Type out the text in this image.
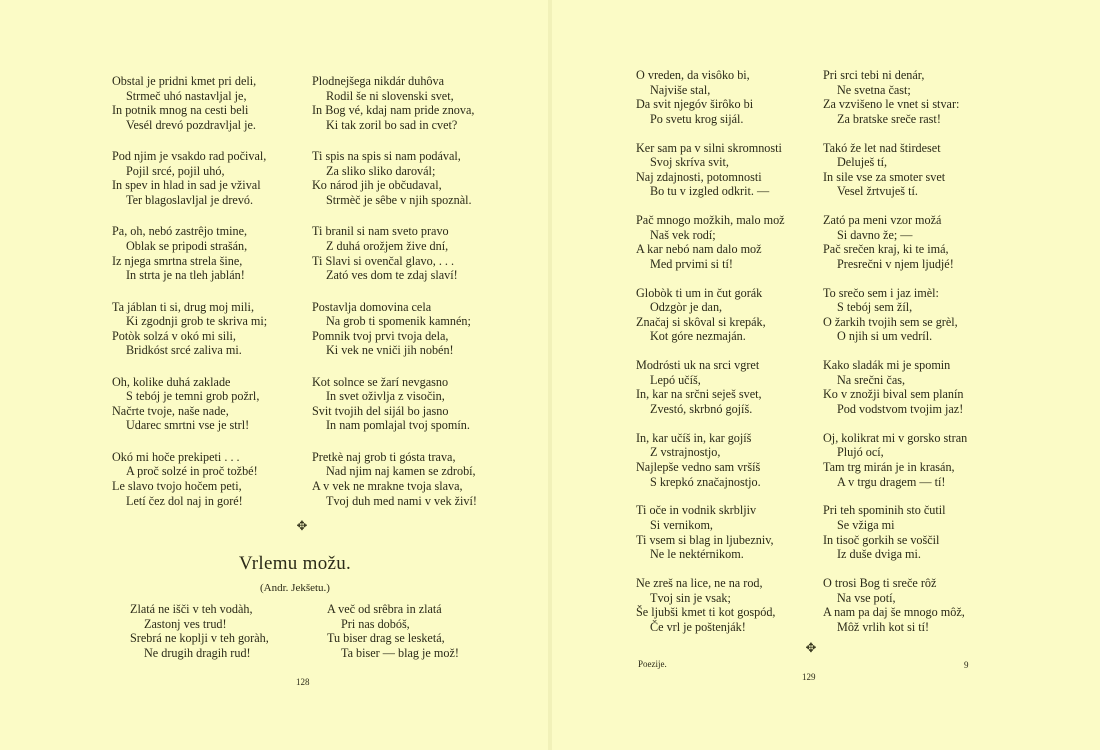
Obstal je pridni kmet pri deli,
Strmeč uhó nastavljal je,
In potnik mnog na cesti beli
Vesél drevó pozdravljal je.
Pod njim je vsakdo rad počival,
Pojil srcé, pojil uhó,
In spev in hlad in sad je vžival
Ter blagoslavljal je drevó.
Pa, oh, nebó zastrêjo tmine,
Oblak se pripodi strašán,
Iz njega smrtna strela šine,
In strta je na tleh jablán!
Ta jáblan ti si, drug moj mili,
Ki zgodnji grob te skriva mi;
Potòk solzá v okó mi sili,
Bridkóst srcé zaliva mi.
Oh, kolike duhá zaklade
S tebój je temni grob požrl,
Načrte tvoje, naše nade,
Udarec smrtni vse je strl!
Okó mi hoče prekipeti . . .
A proč solzé in proč tožbé!
Le slavo tvojo hočem peti,
Letí čez dol naj in goré!
Plodnejšega nikdár duhôva
Rodil še ni slovenski svet,
In Bog vé, kdaj nam pride znova,
Ki tak zoril bo sad in cvet?
Ti spis na spis si nam podával,
Za sliko sliko darovál;
Ko národ jih je občudaval,
Strmèč je sêbe v njih spoznàl.
Ti branil si nam sveto pravo
Z duhá orožjem žive dní,
Ti Slavi si ovenčal glavo, . . .
Zató ves dom te zdaj slaví!
Postavlja domovina cela
Na grob ti spomenik kamnén;
Pomnik tvoj prvi tvoja dela,
Ki vek ne vniči jih nobén!
Kot solnce se žarí nevgasno
In svet oživlja z visočin,
Svit tvojih del sijál bo jasno
In nam pomlajal tvoj spomín.
Pretkè naj grob ti gósta trava,
Nad njim naj kamen se zdrobí,
A v vek ne mrakne tvoja slava,
Tvoj duh med nami v vek živí!
✥
Vrlemu možu.
(Andr. Jekšetu.)
Zlatá ne išči v teh vodàh,
Zastonj ves trud!
Srebrá ne koplji v teh goràh,
Ne drugih dragih rud!
A več od srêbra in zlatá
Pri nas dobóš,
Tu biser drag se lesketá,
Ta biser — blag je mož!
128
O vreden, da visôko bi,
Najviše stal,
Da svit njegóv širôko bi
Po svetu krog sijál.
Ker sam pa v silni skromnosti
Svoj skríva svit,
Naj zdajnosti, potomnosti
Bo tu v izgled odkrit. —
Pač mnogo možkih, malo mož
Naš vek rodí;
A kar nebó nam dalo mož
Med prvimi si tí!
Globòk ti um in čut gorák
Odzgòr je dan,
Značaj si skôval si krepák,
Kot góre nezmaján.
Modrósti uk na srci vgret
Lepó učíš,
In, kar na srčni seješ svet,
Zvestó, skrbnó gojíš.
In, kar učíš in, kar gojíš
Z vstrajnostjo,
Najlepše vedno sam vršíš
S krepkó značajnostjo.
Ti oče in vodnik skrbljiv
Si vernikom,
Ti vsem si blag in ljubezniv,
Ne le nektérnikom.
Ne zreš na lice, ne na rod,
Tvoj sin je vsak;
Še ljubši kmet ti kot gospód,
Če vrl je poštenják!
Pri srci tebi ni denár,
Ne svetna čast;
Za vzvišeno le vnet si stvar:
Za bratske sreče rast!
Takó že let nad štirdeset
Deluješ tí,
In sile vse za smoter svet
Vesel žrtvuješ tí.
Zató pa meni vzor možá
Si davno že; —
Pač srečen kraj, ki te imá,
Presrečni v njem ljudjé!
To srečo sem i jaz imèl:
S tebój sem žíl,
O žarkih tvojih sem se grèl,
O njih si um vedríl.
Kako sladák mi je spomin
Na srečni čas,
Ko v znožji bival sem planín
Pod vodstvom tvojim jaz!
Oj, kolikrat mi v gorsko stran
Plujó ocí,
Tam trg mirán je in krasán,
A v trgu dragem — tí!
Pri teh spominih sto čutil
Se vžiga mi
In tisoč gorkih se voščil
Iz duše dviga mi.
O trosi Bog ti sreče rôž
Na vse potí,
A nam pa daj še mnogo môž,
Môž vrlih kot si tí!
✥
Poezije.
129
9
